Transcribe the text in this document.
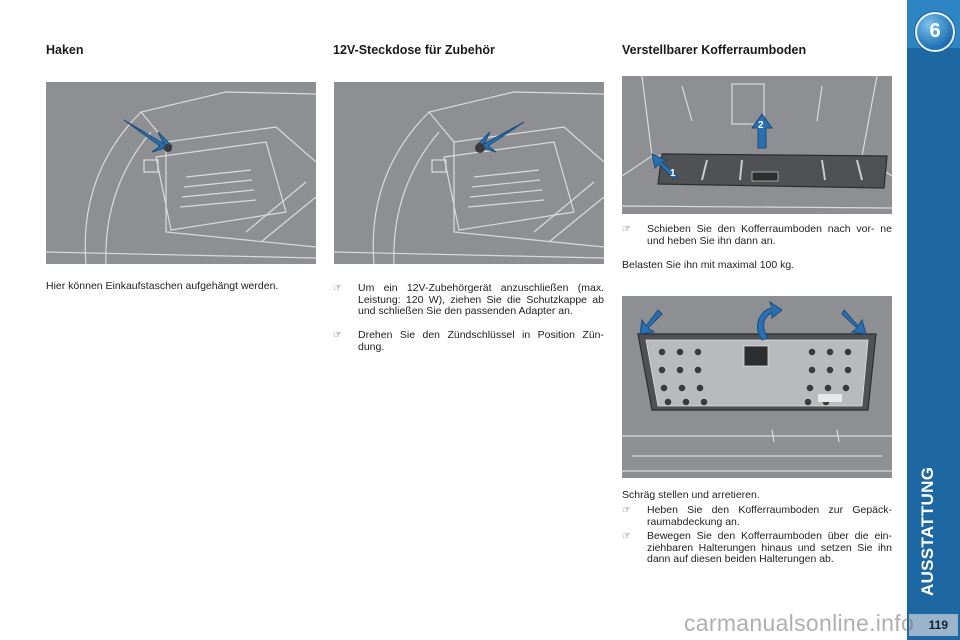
Haken	12V-Steckdose für Zubehör	Verstellbarer Kofferraumboden
1
2
Hier können Einkaufstaschen aufgehängt werden.	☞ Um ein 12V-Zubehörgerät anzuschließen (max. Leistung: 120 W), ziehen Sie die Schutzkappe ab und schließen Sie den passenden Adapter an.
☞ Drehen Sie den Zündschlüssel in Position Zün- dung.
☞ Schieben Sie den Kofferraumboden nach vor- ne und heben Sie ihn dann an.
Belasten Sie ihn mit maximal 100 kg.
Schräg stellen und arretieren.
☞ Heben Sie den Kofferraumboden zur Gepäck- raumabdeckung an.
☞ Bewegen Sie den Kofferraumboden über die ein- ziehbaren Halterungen hinaus und setzen Sie ihn dann auf diesen beiden Halterungen ab.
6
AUSSTATTUNG
119
carmanualsonline.info
